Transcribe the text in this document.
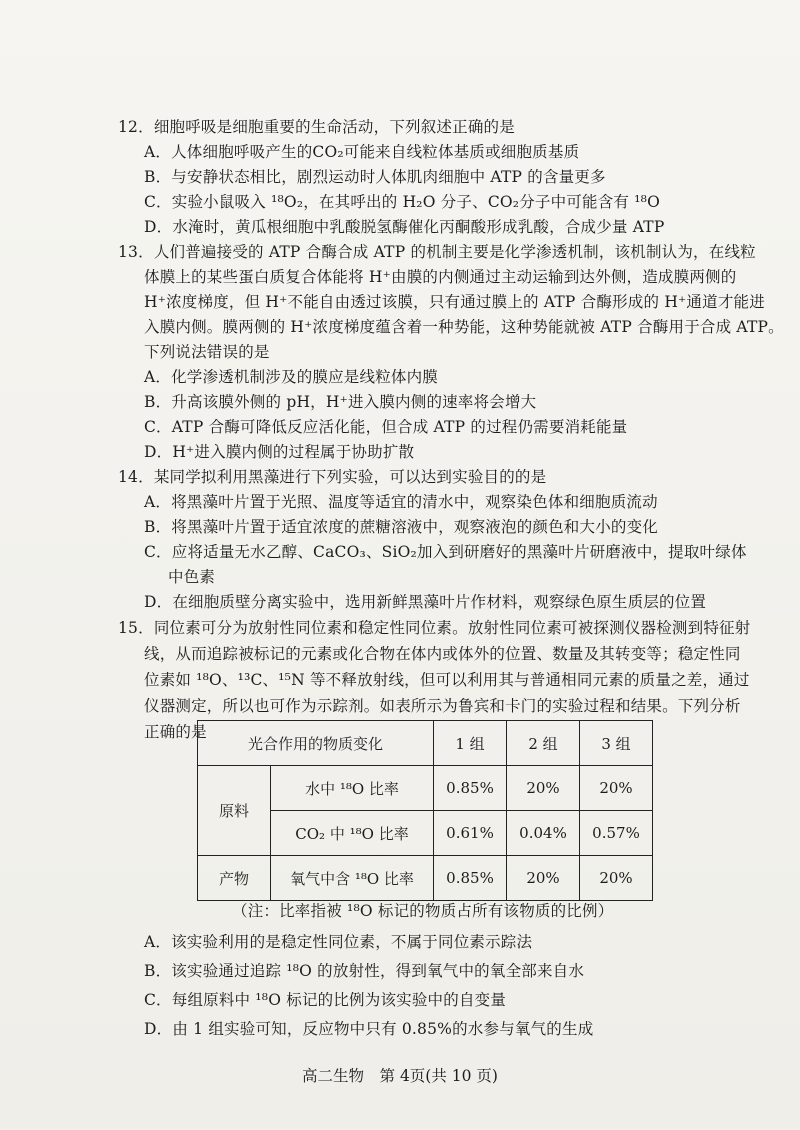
12．细胞呼吸是细胞重要的生命活动，下列叙述正确的是
A．人体细胞呼吸产生的CO₂可能来自线粒体基质或细胞质基质
B．与安静状态相比，剧烈运动时人体肌肉细胞中 ATP 的含量更多
C．实验小鼠吸入 ¹⁸O₂，在其呼出的 H₂O 分子、CO₂分子中可能含有 ¹⁸O
D．水淹时，黄瓜根细胞中乳酸脱氢酶催化丙酮酸形成乳酸，合成少量 ATP
13．人们普遍接受的 ATP 合酶合成 ATP 的机制主要是化学渗透机制，该机制认为，在线粒
体膜上的某些蛋白质复合体能将 H⁺由膜的内侧通过主动运输到达外侧，造成膜两侧的
H⁺浓度梯度，但 H⁺不能自由透过该膜，只有通过膜上的 ATP 合酶形成的 H⁺通道才能进
入膜内侧。膜两侧的 H⁺浓度梯度蕴含着一种势能，这种势能就被 ATP 合酶用于合成 ATP。
下列说法错误的是
A．化学渗透机制涉及的膜应是线粒体内膜
B．升高该膜外侧的 pH，H⁺进入膜内侧的速率将会增大
C．ATP 合酶可降低反应活化能，但合成 ATP 的过程仍需要消耗能量
D．H⁺进入膜内侧的过程属于协助扩散
14．某同学拟利用黑藻进行下列实验，可以达到实验目的的是
A．将黑藻叶片置于光照、温度等适宜的清水中，观察染色体和细胞质流动
B．将黑藻叶片置于适宜浓度的蔗糖溶液中，观察液泡的颜色和大小的变化
C．应将适量无水乙醇、CaCO₃、SiO₂加入到研磨好的黑藻叶片研磨液中，提取叶绿体
中色素
D．在细胞质壁分离实验中，选用新鲜黑藻叶片作材料，观察绿色原生质层的位置
15．同位素可分为放射性同位素和稳定性同位素。放射性同位素可被探测仪器检测到特征射
线，从而追踪被标记的元素或化合物在体内或体外的位置、数量及其转变等；稳定性同
位素如 ¹⁸O、¹³C、¹⁵N 等不释放射线，但可以利用其与普通相同元素的质量之差，通过
仪器测定，所以也可作为示踪剂。如表所示为鲁宾和卡门的实验过程和结果。下列分析
正确的是
光合作用的物质变化		1 组	2 组	3 组
原料	水中 ¹⁸O 比率	0.85%	20%	20%
	CO₂ 中 ¹⁸O 比率	0.61%	0.04%	0.57%
产物	氧气中含 ¹⁸O 比率	0.85%	20%	20%
（注：比率指被 ¹⁸O 标记的物质占所有该物质的比例）
A．该实验利用的是稳定性同位素，不属于同位素示踪法
B．该实验通过追踪 ¹⁸O 的放射性，得到氧气中的氧全部来自水
C．每组原料中 ¹⁸O 标记的比例为该实验中的自变量
D．由 1 组实验可知，反应物中只有 0.85%的水参与氧气的生成
高二生物　第 4页(共 10 页)
